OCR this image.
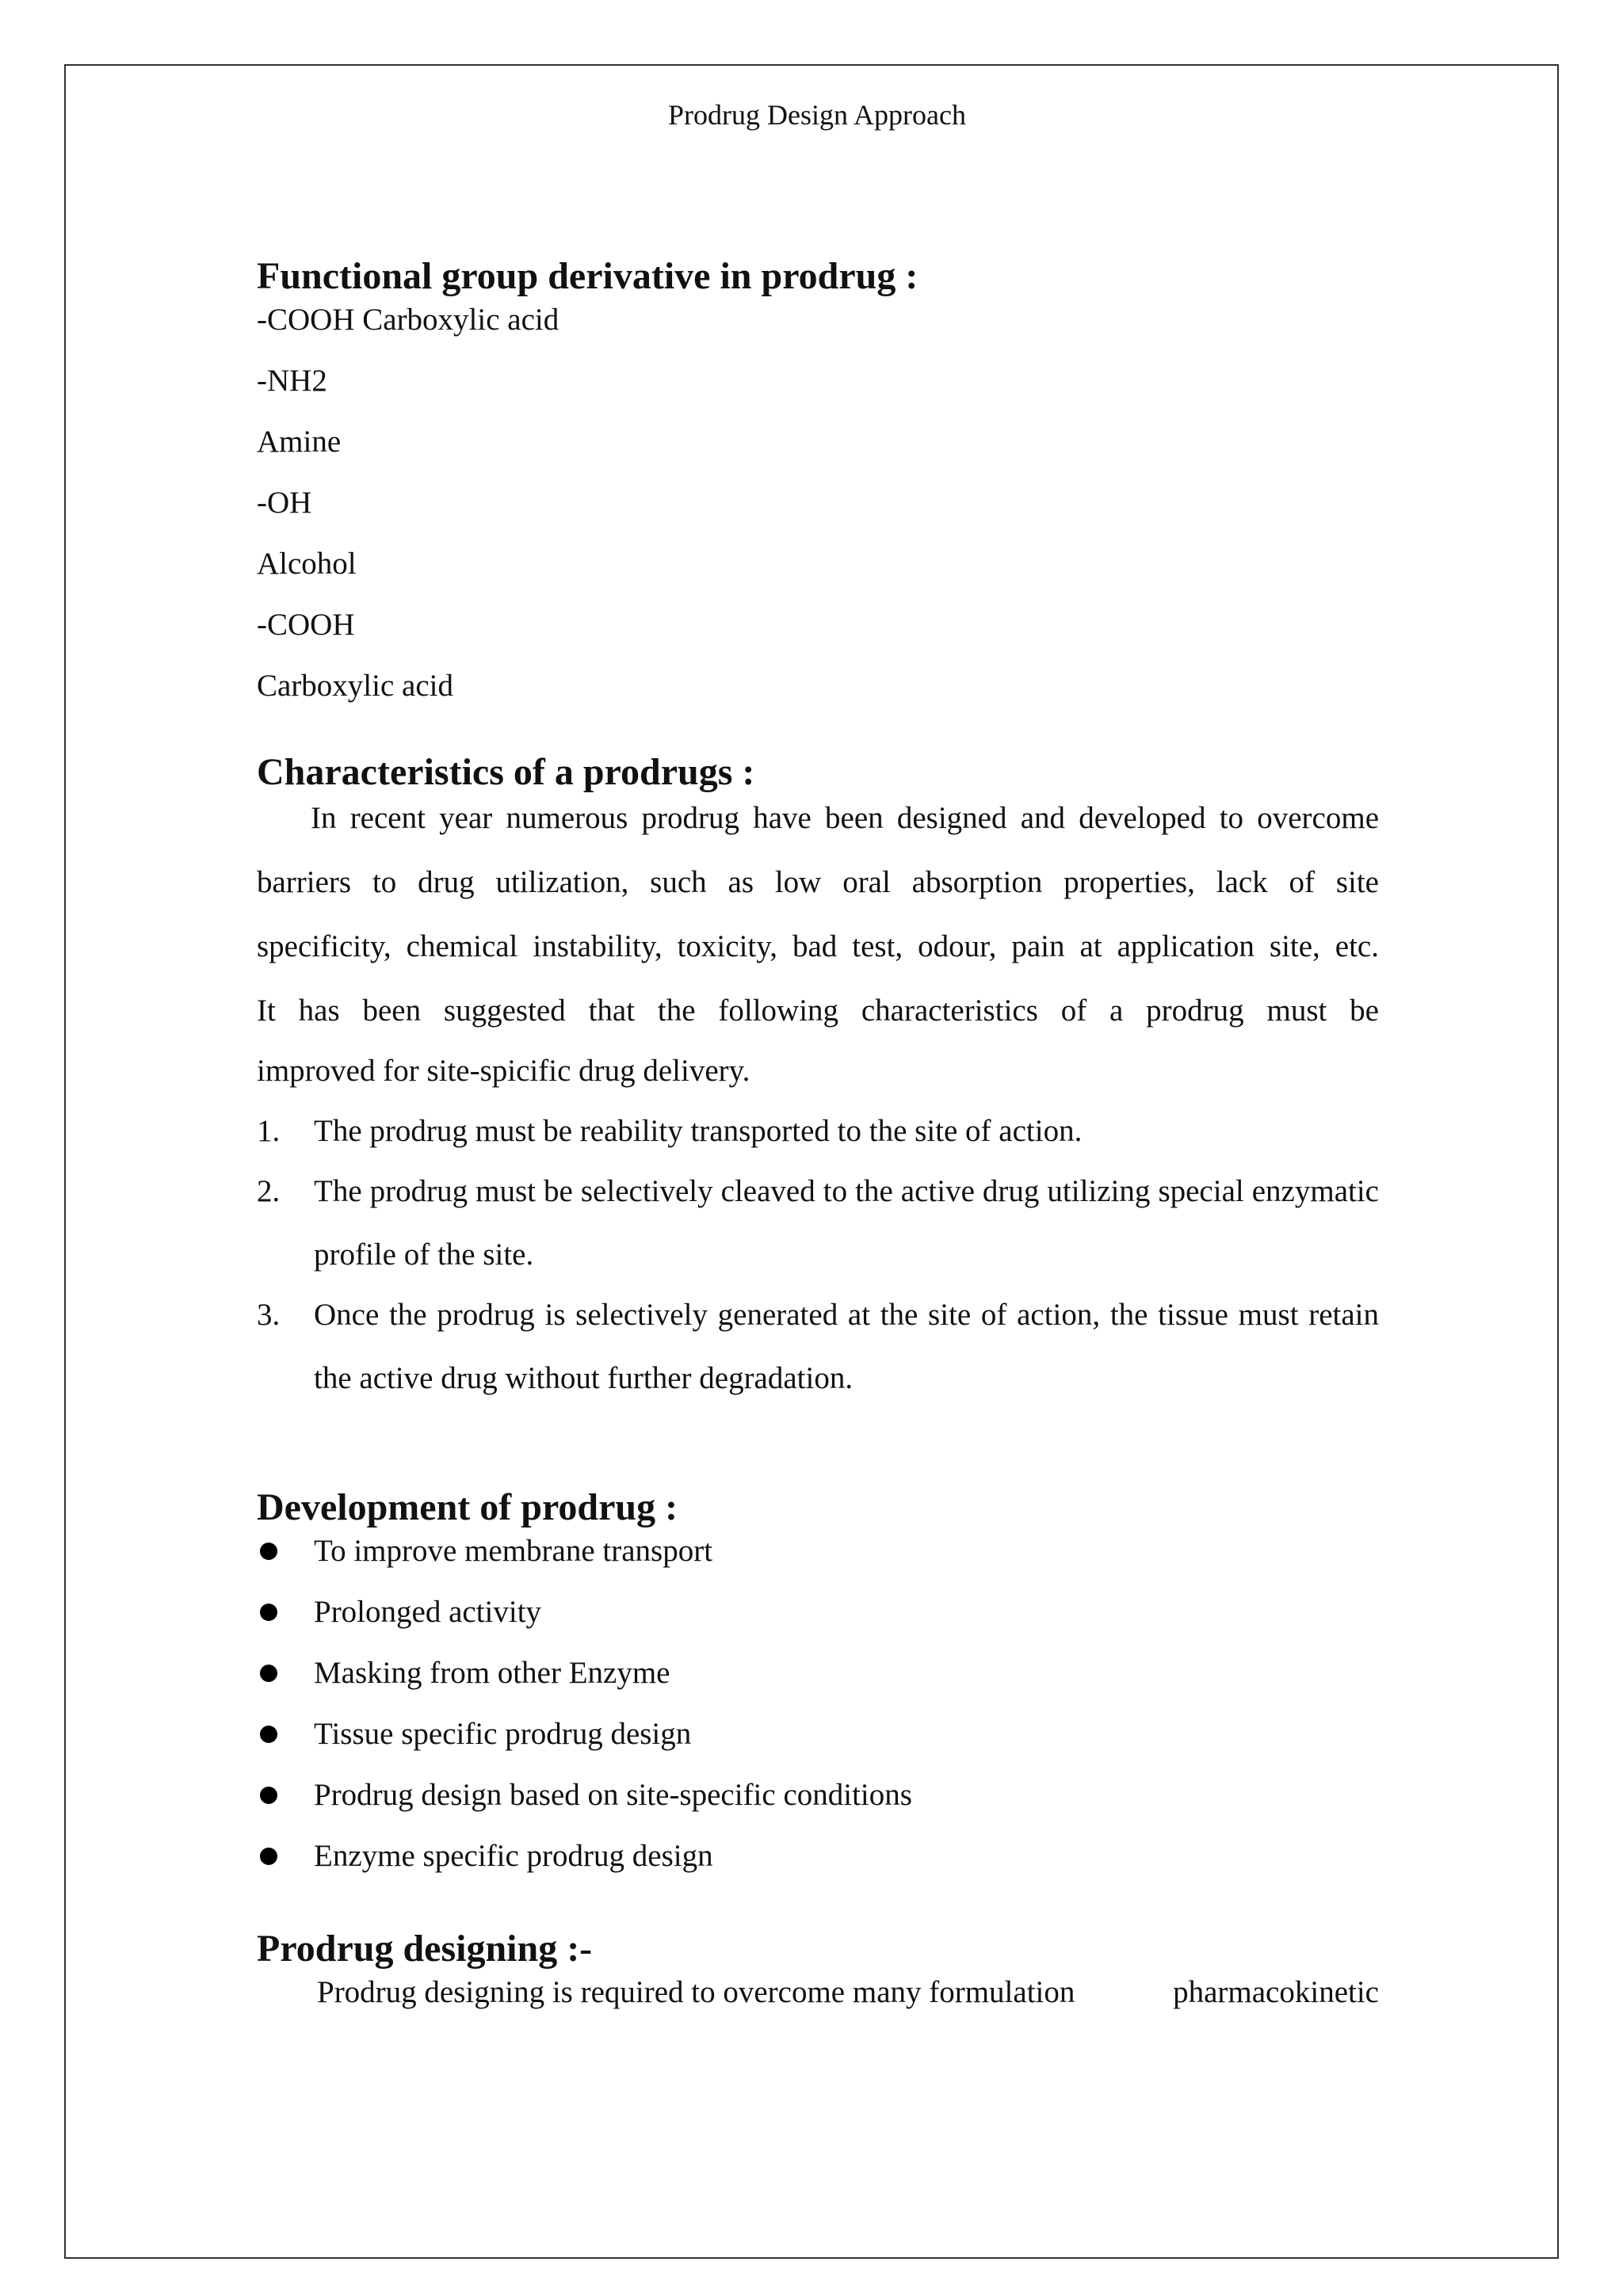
Prodrug Design Approach
Functional group derivative in prodrug :

-COOH Carboxylic acid

-NH2

Amine

-OH

Alcohol

-COOH

Carboxylic acid

Characteristics of a prodrugs :
In recent year numerous prodrug have been designed and developed to overcome
barriers to drug utilization, such as low oral absorption properties, lack of site
specificity, chemical instability, toxicity, bad test, odour, pain at application site, etc.
It has been suggested that the following characteristics of a prodrug must be
improved for site-spicific drug delivery.
1. The prodrug must be reability transported to the site of action.
2. The prodrug must be selectively cleaved to the active drug utilizing special enzymatic profile of the site.
3. Once the prodrug is selectively generated at the site of action, the tissue must retain the active drug without further degradation.
Development of prodrug :
To improve membrane transport
Prolonged activity
Masking from other Enzyme
Tissue specific prodrug design
Prodrug design based on site-specific conditions
Enzyme specific prodrug design
Prodrug designing :-

Prodrug designing is required to overcome many formulation	pharmacokinetic
